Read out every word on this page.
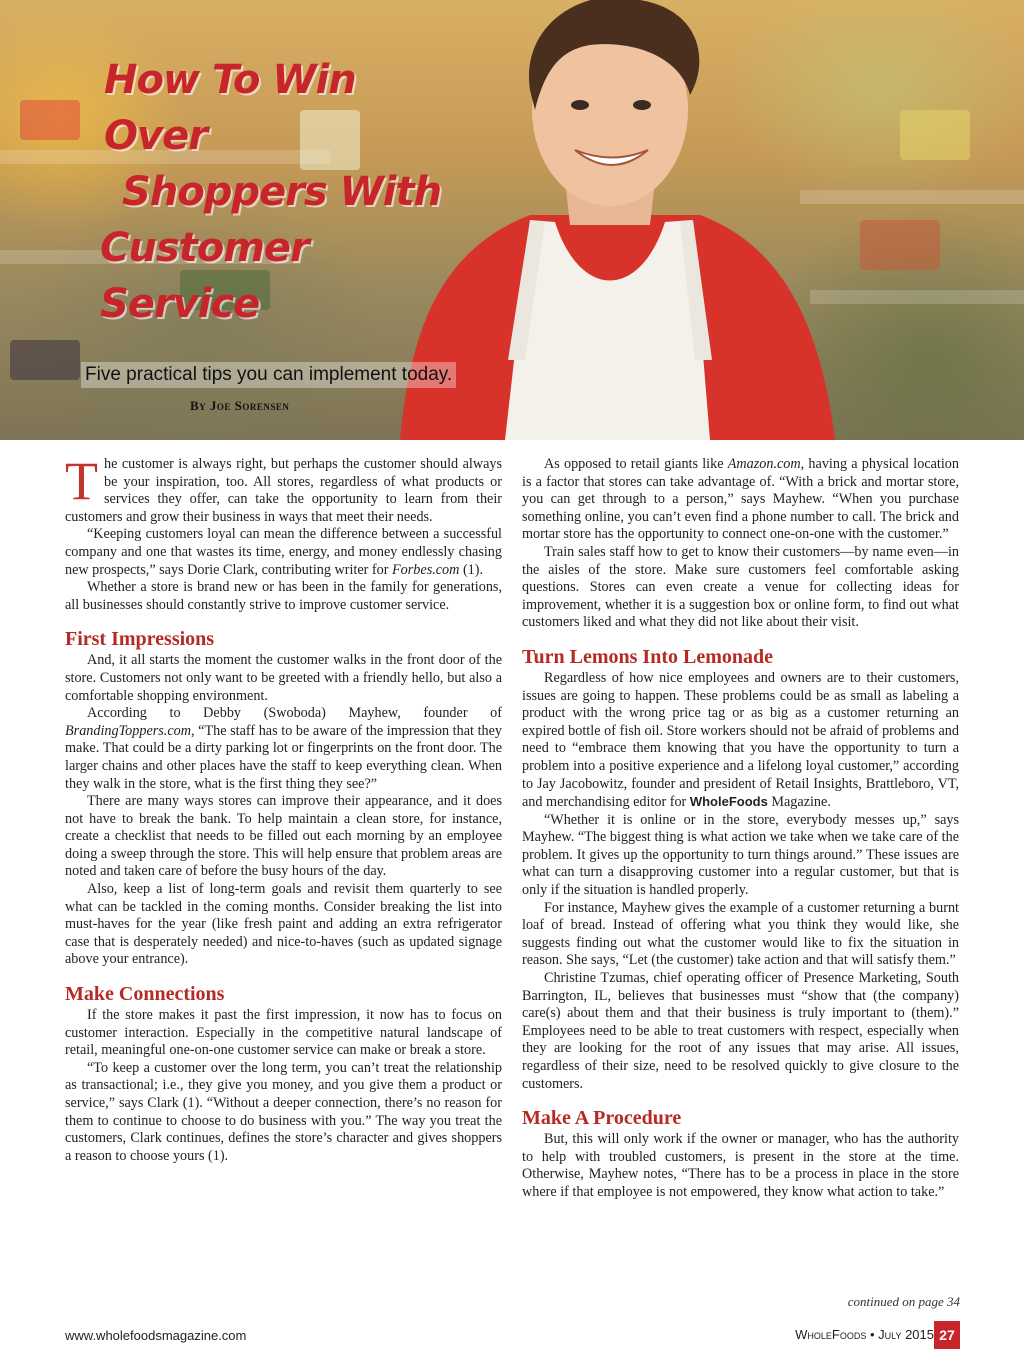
How To Win Over
Shoppers With
Customer Service
Five practical tips you can implement today.
By Joe Sorensen

The customer is always right, but perhaps the customer should always be your inspiration, too. All stores, regardless of what products or services they offer, can take the opportunity to learn from their customers and grow their business in ways that meet their needs.

“Keeping customers loyal can mean the difference between a successful company and one that wastes its time, energy, and money endlessly chasing new prospects,” says Dorie Clark, contributing writer for Forbes.com (1).

Whether a store is brand new or has been in the family for generations, all businesses should constantly strive to improve customer service.

First Impressions

And, it all starts the moment the customer walks in the front door of the store. Customers not only want to be greeted with a friendly hello, but also a comfortable shopping environment.

According to Debby (Swoboda) Mayhew, founder of BrandingToppers.com, “The staff has to be aware of the impression that they make. That could be a dirty parking lot or fingerprints on the front door. The larger chains and other places have the staff to keep everything clean. When they walk in the store, what is the first thing they see?”

There are many ways stores can improve their appearance, and it does not have to break the bank. To help maintain a clean store, for instance, create a checklist that needs to be filled out each morning by an employee doing a sweep through the store. This will help ensure that problem areas are noted and taken care of before the busy hours of the day.

Also, keep a list of long-term goals and revisit them quarterly to see what can be tackled in the coming months. Consider breaking the list into must-haves for the year (like fresh paint and adding an extra refrigerator case that is desperately needed) and nice-to-haves (such as updated signage above your entrance).

Make Connections

If the store makes it past the first impression, it now has to focus on customer interaction. Especially in the competitive natural landscape of retail, meaningful one-on-one customer service can make or break a store.

“To keep a customer over the long term, you can’t treat the relationship as transactional; i.e., they give you money, and you give them a product or service,” says Clark (1). “Without a deeper connection, there’s no reason for them to continue to choose to do business with you.” The way you treat the customers, Clark continues, defines the store’s character and gives shoppers a reason to choose yours (1).

As opposed to retail giants like Amazon.com, having a physical location is a factor that stores can take advantage of. “With a brick and mortar store, you can get through to a person,” says Mayhew. “When you purchase something online, you can’t even find a phone number to call. The brick and mortar store has the opportunity to connect one-on-one with the customer.”

Train sales staff how to get to know their customers—by name even—in the aisles of the store. Make sure customers feel comfortable asking questions. Stores can even create a venue for collecting ideas for improvement, whether it is a suggestion box or online form, to find out what customers liked and what they did not like about their visit.

Turn Lemons Into Lemonade

Regardless of how nice employees and owners are to their customers, issues are going to happen. These problems could be as small as labeling a product with the wrong price tag or as big as a customer returning an expired bottle of fish oil. Store workers should not be afraid of problems and need to “embrace them knowing that you have the opportunity to turn a problem into a positive experience and a lifelong loyal customer,” according to Jay Jacobowitz, founder and president of Retail Insights, Brattleboro, VT, and merchandising editor for WholeFoods Magazine.

“Whether it is online or in the store, everybody messes up,” says Mayhew. “The biggest thing is what action we take when we take care of the problem. It gives up the opportunity to turn things around.” These issues are what can turn a disapproving customer into a regular customer, but that is only if the situation is handled properly.

For instance, Mayhew gives the example of a customer returning a burnt loaf of bread. Instead of offering what you think they would like, she suggests finding out what the customer would like to fix the situation in reason. She says, “Let (the customer) take action and that will satisfy them.”

Christine Tzumas, chief operating officer of Presence Marketing, South Barrington, IL, believes that businesses must “show that (the company) care(s) about them and that their business is truly important to (them).” Employees need to be able to treat customers with respect, especially when they are looking for the root of any issues that may arise. All issues, regardless of their size, need to be resolved quickly to give closure to the customers.

Make A Procedure

But, this will only work if the owner or manager, who has the authority to help with troubled customers, is present in the store at the time. Otherwise, Mayhew notes, “There has to be a process in place in the store where if that employee is not empowered, they know what action to take.”

continued on page 34
www.wholefoodsmagazine.com	WholeFoods • July 2015 27
